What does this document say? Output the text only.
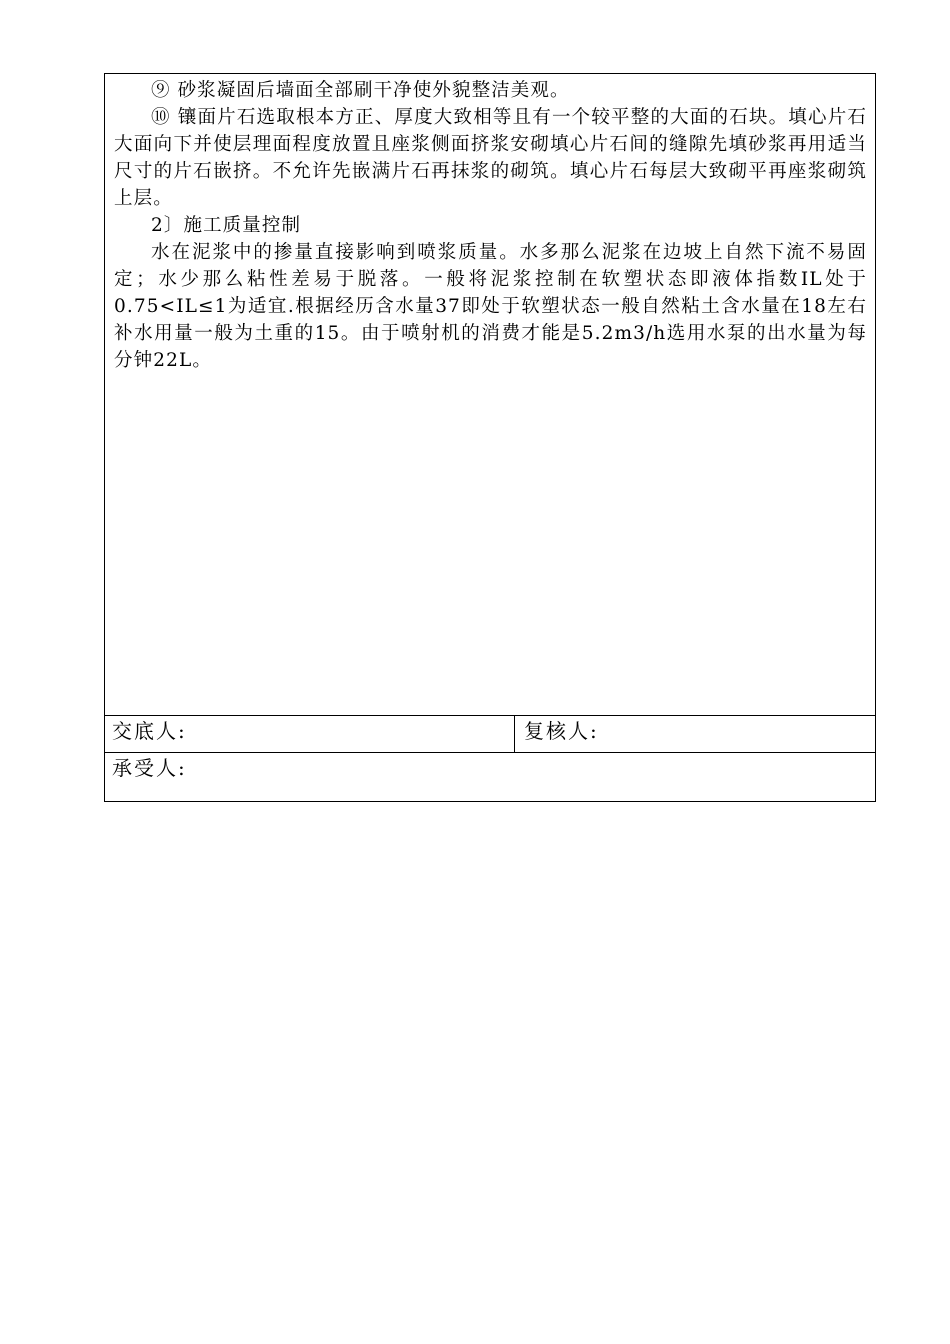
⑨ 砂浆凝固后墙面全部刷干净使外貌整洁美观。

⑩ 镶面片石选取根本方正、厚度大致相等且有一个较平整的大面的石块。填心片石大面向下并使层理面程度放置且座浆侧面挤浆安砌填心片石间的缝隙先填砂浆再用适当尺寸的片石嵌挤。不允许先嵌满片石再抹浆的砌筑。填心片石每层大致砌平再座浆砌筑上层。

2〕施工质量控制

水在泥浆中的掺量直接影响到喷浆质量。水多那么泥浆在边坡上自然下流不易固定；水少那么粘性差易于脱落。一般将泥浆控制在软塑状态即液体指数IL处于0.75<IL≤1为适宜.根据经历含水量37即处于软塑状态一般自然粘土含水量在18左右补水用量一般为土重的15。由于喷射机的消费才能是5.2m3/h选用水泵的出水量为每分钟22L。

交底人:	复核人:
承受人:
